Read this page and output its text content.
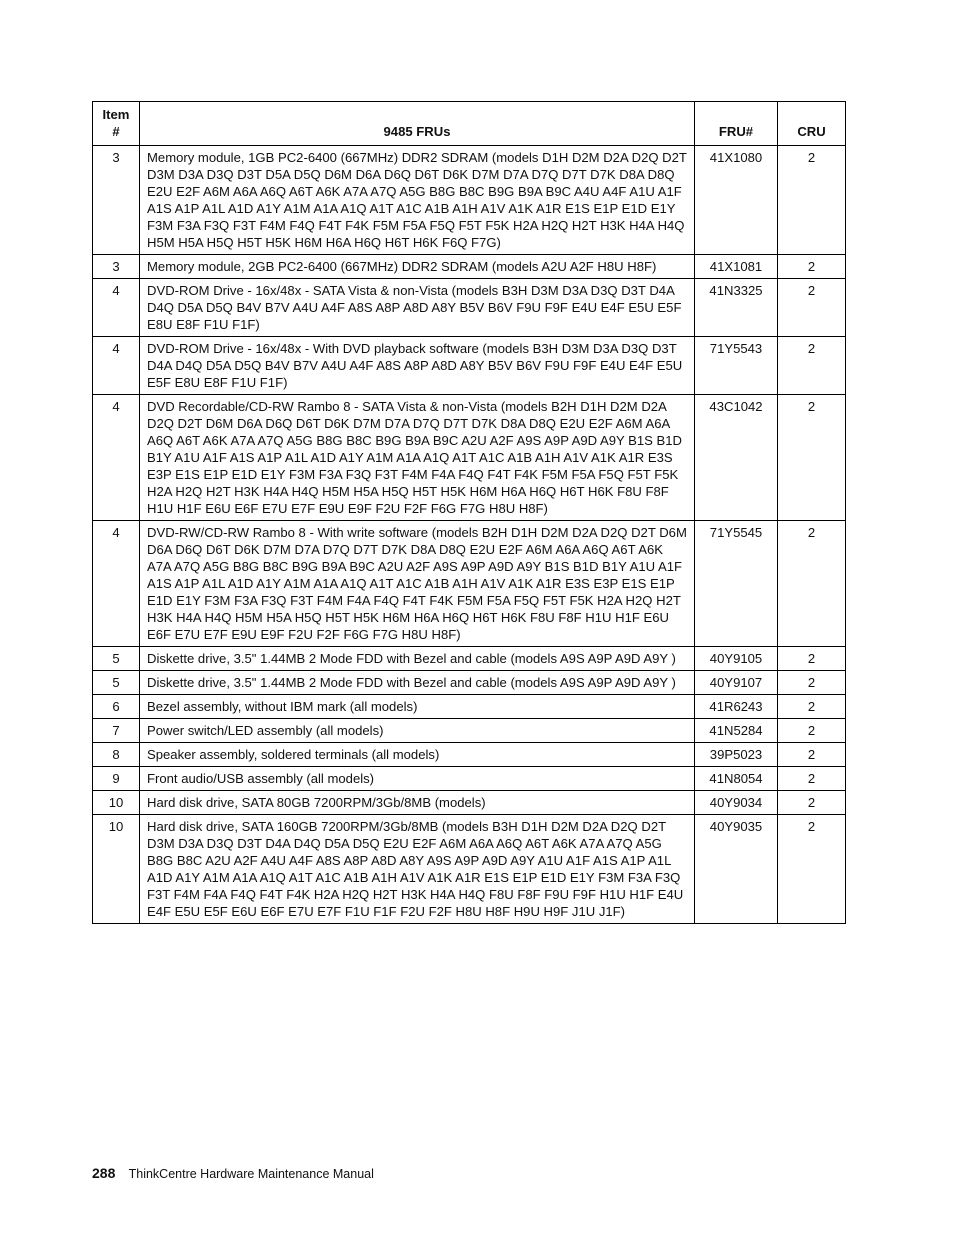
Item
#	9485 FRUs	FRU#	CRU
3	Memory module, 1GB PC2-6400 (667MHz) DDR2 SDRAM (models D1H D2M D2A D2Q D2T D3M D3A D3Q D3T D5A D5Q D6M D6A D6Q D6T D6K D7M D7A D7Q D7T D7K D8A D8Q E2U E2F A6M A6A A6Q A6T A6K A7A A7Q A5G B8G B8C B9G B9A B9C A4U A4F A1U A1F A1S A1P A1L A1D A1Y A1M A1A A1Q A1T A1C A1B A1H A1V A1K A1R E1S E1P E1D E1Y F3M F3A F3Q F3T F4M F4Q F4T F4K F5M F5A F5Q F5T F5K H2A H2Q H2T H3K H4A H4Q H5M H5A H5Q H5T H5K H6M H6A H6Q H6T H6K F6Q F7G)	41X1080	2
3	Memory module, 2GB PC2-6400 (667MHz) DDR2 SDRAM (models A2U A2F H8U H8F)	41X1081	2
4	DVD-ROM Drive - 16x/48x - SATA Vista & non-Vista (models B3H D3M D3A D3Q D3T D4A D4Q D5A D5Q B4V B7V A4U A4F A8S A8P A8D A8Y B5V B6V F9U F9F E4U E4F E5U E5F E8U E8F F1U F1F)	41N3325	2
4	DVD-ROM Drive - 16x/48x - With DVD playback software (models B3H D3M D3A D3Q D3T D4A D4Q D5A D5Q B4V B7V A4U A4F A8S A8P A8D A8Y B5V B6V F9U F9F E4U E4F E5U E5F E8U E8F F1U F1F)	71Y5543	2
4	DVD Recordable/CD-RW Rambo 8 - SATA Vista & non-Vista (models B2H D1H D2M D2A D2Q D2T D6M D6A D6Q D6T D6K D7M D7A D7Q D7T D7K D8A D8Q E2U E2F A6M A6A A6Q A6T A6K A7A A7Q A5G B8G B8C B9G B9A B9C A2U A2F A9S A9P A9D A9Y B1S B1D B1Y A1U A1F A1S A1P A1L A1D A1Y A1M A1A A1Q A1T A1C A1B A1H A1V A1K A1R E3S E3P E1S E1P E1D E1Y F3M F3A F3Q F3T F4M F4A F4Q F4T F4K F5M F5A F5Q F5T F5K H2A H2Q H2T H3K H4A H4Q H5M H5A H5Q H5T H5K H6M H6A H6Q H6T H6K F8U F8F H1U H1F E6U E6F E7U E7F E9U E9F F2U F2F F6G F7G H8U H8F)	43C1042	2
4	DVD-RW/CD-RW Rambo 8 - With write software (models B2H D1H D2M D2A D2Q D2T D6M D6A D6Q D6T D6K D7M D7A D7Q D7T D7K D8A D8Q E2U E2F A6M A6A A6Q A6T A6K A7A A7Q A5G B8G B8C B9G B9A B9C A2U A2F A9S A9P A9D A9Y B1S B1D B1Y A1U A1F A1S A1P A1L A1D A1Y A1M A1A A1Q A1T A1C A1B A1H A1V A1K A1R E3S E3P E1S E1P E1D E1Y F3M F3A F3Q F3T F4M F4A F4Q F4T F4K F5M F5A F5Q F5T F5K H2A H2Q H2T H3K H4A H4Q H5M H5A H5Q H5T H5K H6M H6A H6Q H6T H6K F8U F8F H1U H1F E6U E6F E7U E7F E9U E9F F2U F2F F6G F7G H8U H8F)	71Y5545	2
5	Diskette drive, 3.5" 1.44MB 2 Mode FDD with Bezel and cable (models A9S A9P A9D A9Y )	40Y9105	2
5	Diskette drive, 3.5" 1.44MB 2 Mode FDD with Bezel and cable (models A9S A9P A9D A9Y )	40Y9107	2
6	Bezel assembly, without IBM mark (all models)	41R6243	2
7	Power switch/LED assembly (all models)	41N5284	2
8	Speaker assembly, soldered terminals (all models)	39P5023	2
9	Front audio/USB assembly (all models)	41N8054	2
10	Hard disk drive, SATA 80GB 7200RPM/3Gb/8MB (models)	40Y9034	2
10	Hard disk drive, SATA 160GB 7200RPM/3Gb/8MB (models B3H D1H D2M D2A D2Q D2T D3M D3A D3Q D3T D4A D4Q D5A D5Q E2U E2F A6M A6A A6Q A6T A6K A7A A7Q A5G B8G B8C A2U A2F A4U A4F A8S A8P A8D A8Y A9S A9P A9D A9Y A1U A1F A1S A1P A1L A1D A1Y A1M A1A A1Q A1T A1C A1B A1H A1V A1K A1R E1S E1P E1D E1Y F3M F3A F3Q F3T F4M F4A F4Q F4T F4K H2A H2Q H2T H3K H4A H4Q F8U F8F F9U F9F H1U H1F E4U E4F E5U E5F E6U E6F E7U E7F F1U F1F F2U F2F H8U H8F H9U H9F J1U J1F)	40Y9035	2
288 ThinkCentre Hardware Maintenance Manual
